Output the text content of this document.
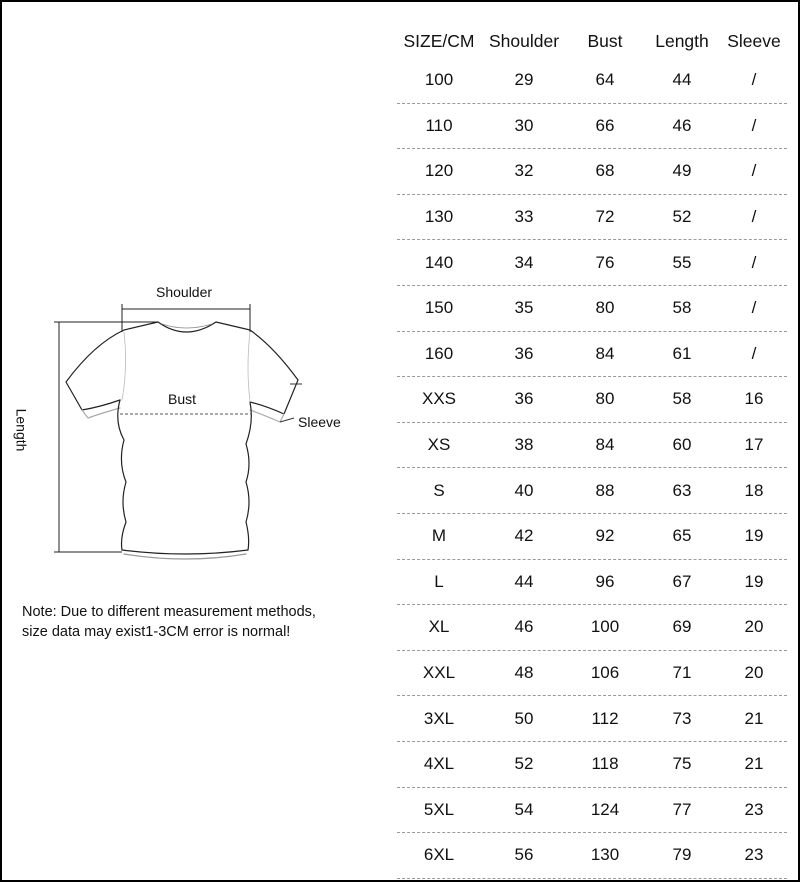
Shoulder
Bust
Sleeve
Length
Note: Due to different measurement methods,
size data may exist1-3CM error is normal!
SIZE/CM Shoulder	Bust	Length	Sleeve
100	29	64	44	/
110	30	66	46	/
120	32	68	49	/
130	33	72	52	/
140	34	76	55	/
150	35	80	58	/
160	36	84	61	/
XXS	36	80	58	16
XS	38	84	60	17
S	40	88	63	18
M	42	92	65	19
L	44	96	67	19
XL	46	100	69	20
XXL	48	106	71	20
3XL	50	112	73	21
4XL	52	118	75	21
5XL	54	124	77	23
6XL	56	130	79	23
